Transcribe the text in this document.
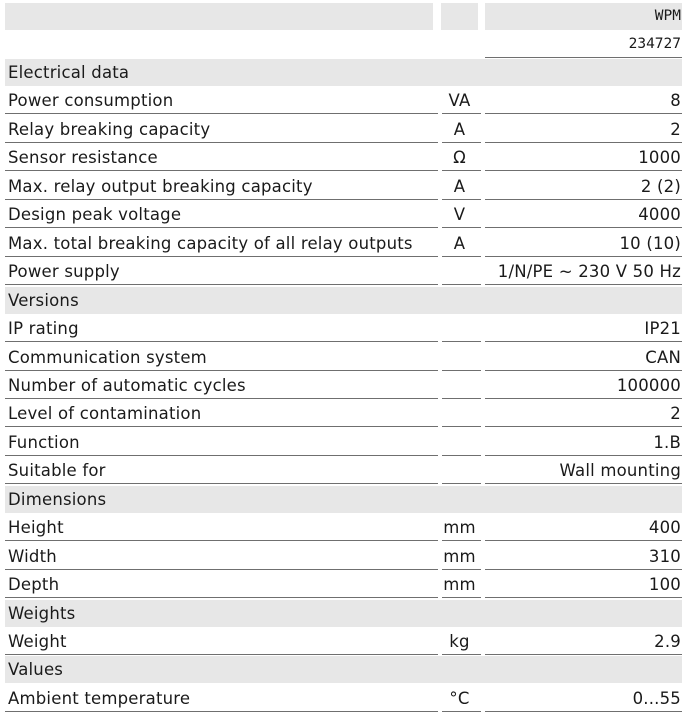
WPM
234727
Electrical data
Power consumption	VA	8
Relay breaking capacity	A	2
Sensor resistance	Ω	1000
Max. relay output breaking capacity	A	2 (2)
Design peak voltage	V	4000
Max. total breaking capacity of all relay outputs	A	10 (10)
Power supply	1/N/PE ~ 230 V 50 Hz
Versions
IP rating	IP21
Communication system	CAN
Number of automatic cycles	100000
Level of contamination	2
Function	1.B
Suitable for	Wall mounting
Dimensions
Height	mm	400
Width	mm	310
Depth	mm	100
Weights
Weight	kg	2.9
Values
Ambient temperature	°C	0...55
